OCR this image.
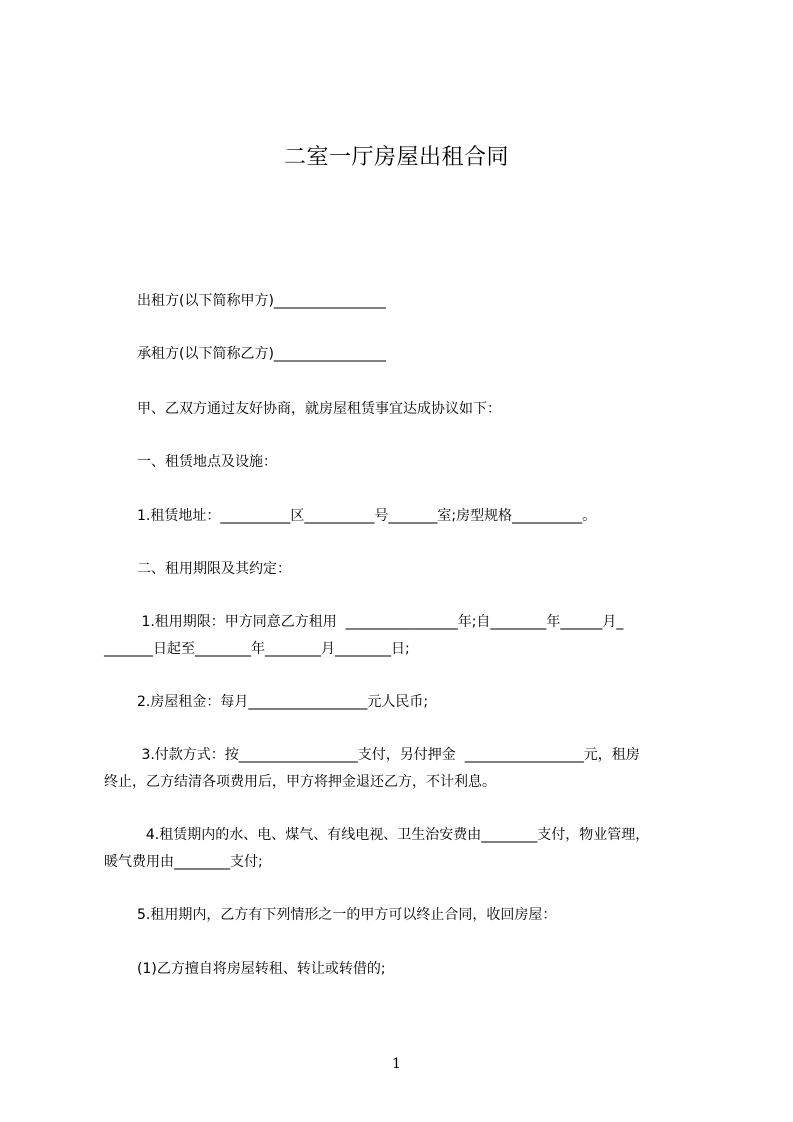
二室一厅房屋出租合同
出租方(以下简称甲方)________________
承租方(以下简称乙方)________________
甲、乙双方通过友好协商，就房屋租赁事宜达成协议如下：
一、租赁地点及设施：
1.租赁地址：__________区__________号_______室;房型规格__________。
二、租用期限及其约定：
1.租用期限：甲方同意乙方租用  ________________年;自________年______月_
_______日起至________年________月________日;
2.房屋租金：每月_________________元人民币;
3.付款方式：按_________________支付，另付押金  _________________元，租房
终止，乙方结清各项费用后，甲方将押金退还乙方，不计利息。
4.租赁期内的水、电、煤气、有线电视、卫生治安费由________支付，物业管理，
暖气费用由________支付;
5.租用期内，乙方有下列情形之一的甲方可以终止合同，收回房屋：
(1)乙方擅自将房屋转租、转让或转借的;
1
